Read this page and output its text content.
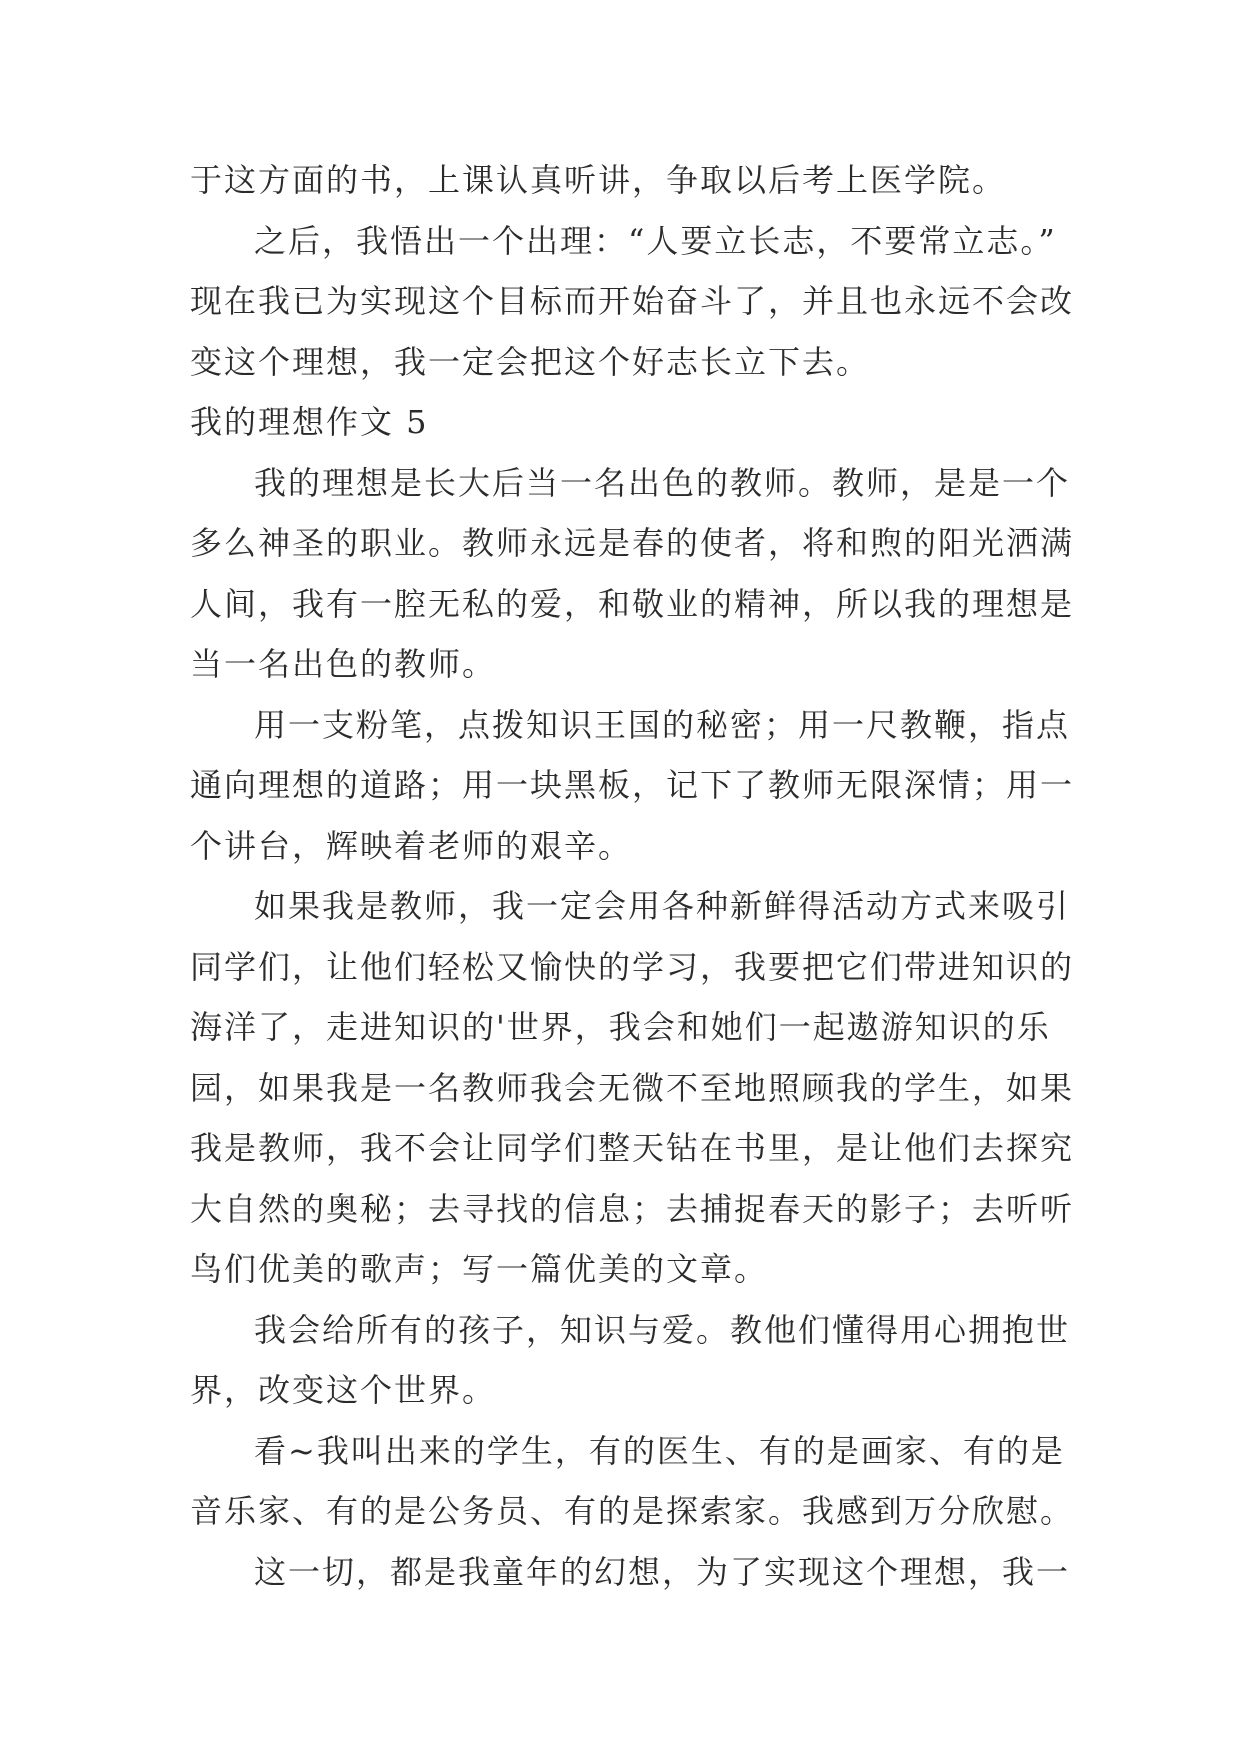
于这方面的书，上课认真听讲，争取以后考上医学院。
之后，我悟出一个出理：“人要立长志，不要常立志。”
现在我已为实现这个目标而开始奋斗了，并且也永远不会改
变这个理想，我一定会把这个好志长立下去。
我的理想作文 5
我的理想是长大后当一名出色的教师。教师，是是一个
多么神圣的职业。教师永远是春的使者，将和煦的阳光洒满
人间，我有一腔无私的爱，和敬业的精神，所以我的理想是
当一名出色的教师。
用一支粉笔，点拨知识王国的秘密；用一尺教鞭，指点
通向理想的道路；用一块黑板，记下了教师无限深情；用一
个讲台，辉映着老师的艰辛。
如果我是教师，我一定会用各种新鲜得活动方式来吸引
同学们，让他们轻松又愉快的学习，我要把它们带进知识的
海洋了，走进知识的'世界，我会和她们一起遨游知识的乐
园，如果我是一名教师我会无微不至地照顾我的学生，如果
我是教师，我不会让同学们整天钻在书里，是让他们去探究
大自然的奥秘；去寻找的信息；去捕捉春天的影子；去听听
鸟们优美的歌声；写一篇优美的文章。
我会给所有的孩子，知识与爱。教他们懂得用心拥抱世
界，改变这个世界。
看~我叫出来的学生，有的医生、有的是画家、有的是
音乐家、有的是公务员、有的是探索家。我感到万分欣慰。
这一切，都是我童年的幻想，为了实现这个理想，我一
